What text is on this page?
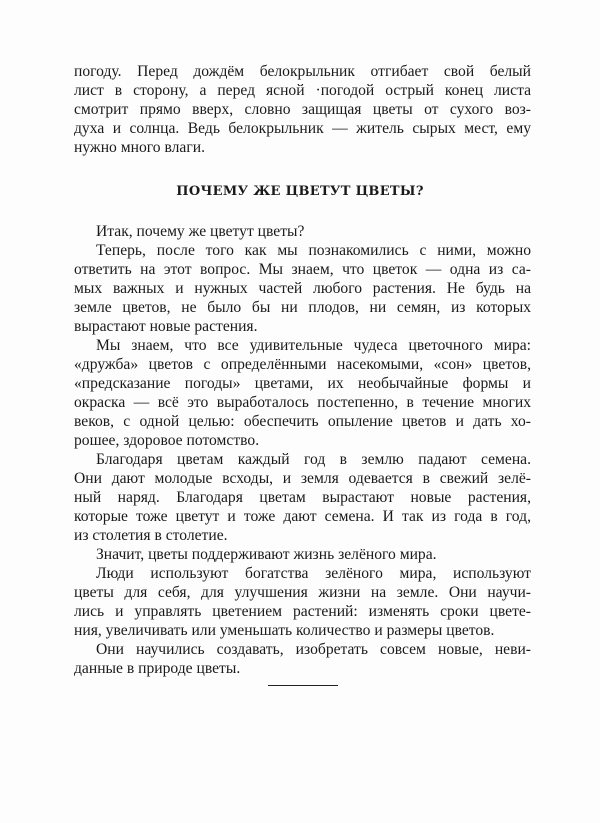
погоду. Перед дождём белокрыльник отгибает свой белый
лист в сторону, а перед ясной ·погодой острый конец листа
смотрит прямо вверх, словно защищая цветы от сухого воз-
духа и солнца. Ведь белокрыльник — житель сырых мест, ему
нужно много влаги.
ПОЧЕМУ ЖЕ ЦВЕТУТ ЦВЕТЫ?
Итак, почему же цветут цветы?
Теперь, после того как мы познакомились с ними, можно
ответить на этот вопрос. Мы знаем, что цветок — одна из са-
мых важных и нужных частей любого растения. Не будь на
земле цветов, не было бы ни плодов, ни семян, из которых
вырастают новые растения.
Мы знаем, что все удивительные чудеса цветочного мира:
«дружба» цветов с определёнными насекомыми, «сон» цветов,
«предсказание погоды» цветами, их необычайные формы и
окраска — всё это выработалось постепенно, в течение многих
веков, с одной целью: обеспечить опыление цветов и дать хо-
рошее, здоровое потомство.
Благодаря цветам каждый год в землю падают семена.
Они дают молодые всходы, и земля одевается в свежий зелё-
ный наряд. Благодаря цветам вырастают новые растения,
которые тоже цветут и тоже дают семена. И так из года в год,
из столетия в столетие.
Значит, цветы поддерживают жизнь зелёного мира.
Люди используют богатства зелёного мира, используют
цветы для себя, для улучшения жизни на земле. Они научи-
лись и управлять цветением растений: изменять сроки цвете-
ния, увеличивать или уменьшать количество и размеры цветов.
Они научились создавать, изобретать совсем новые, неви-
данные в природе цветы.
